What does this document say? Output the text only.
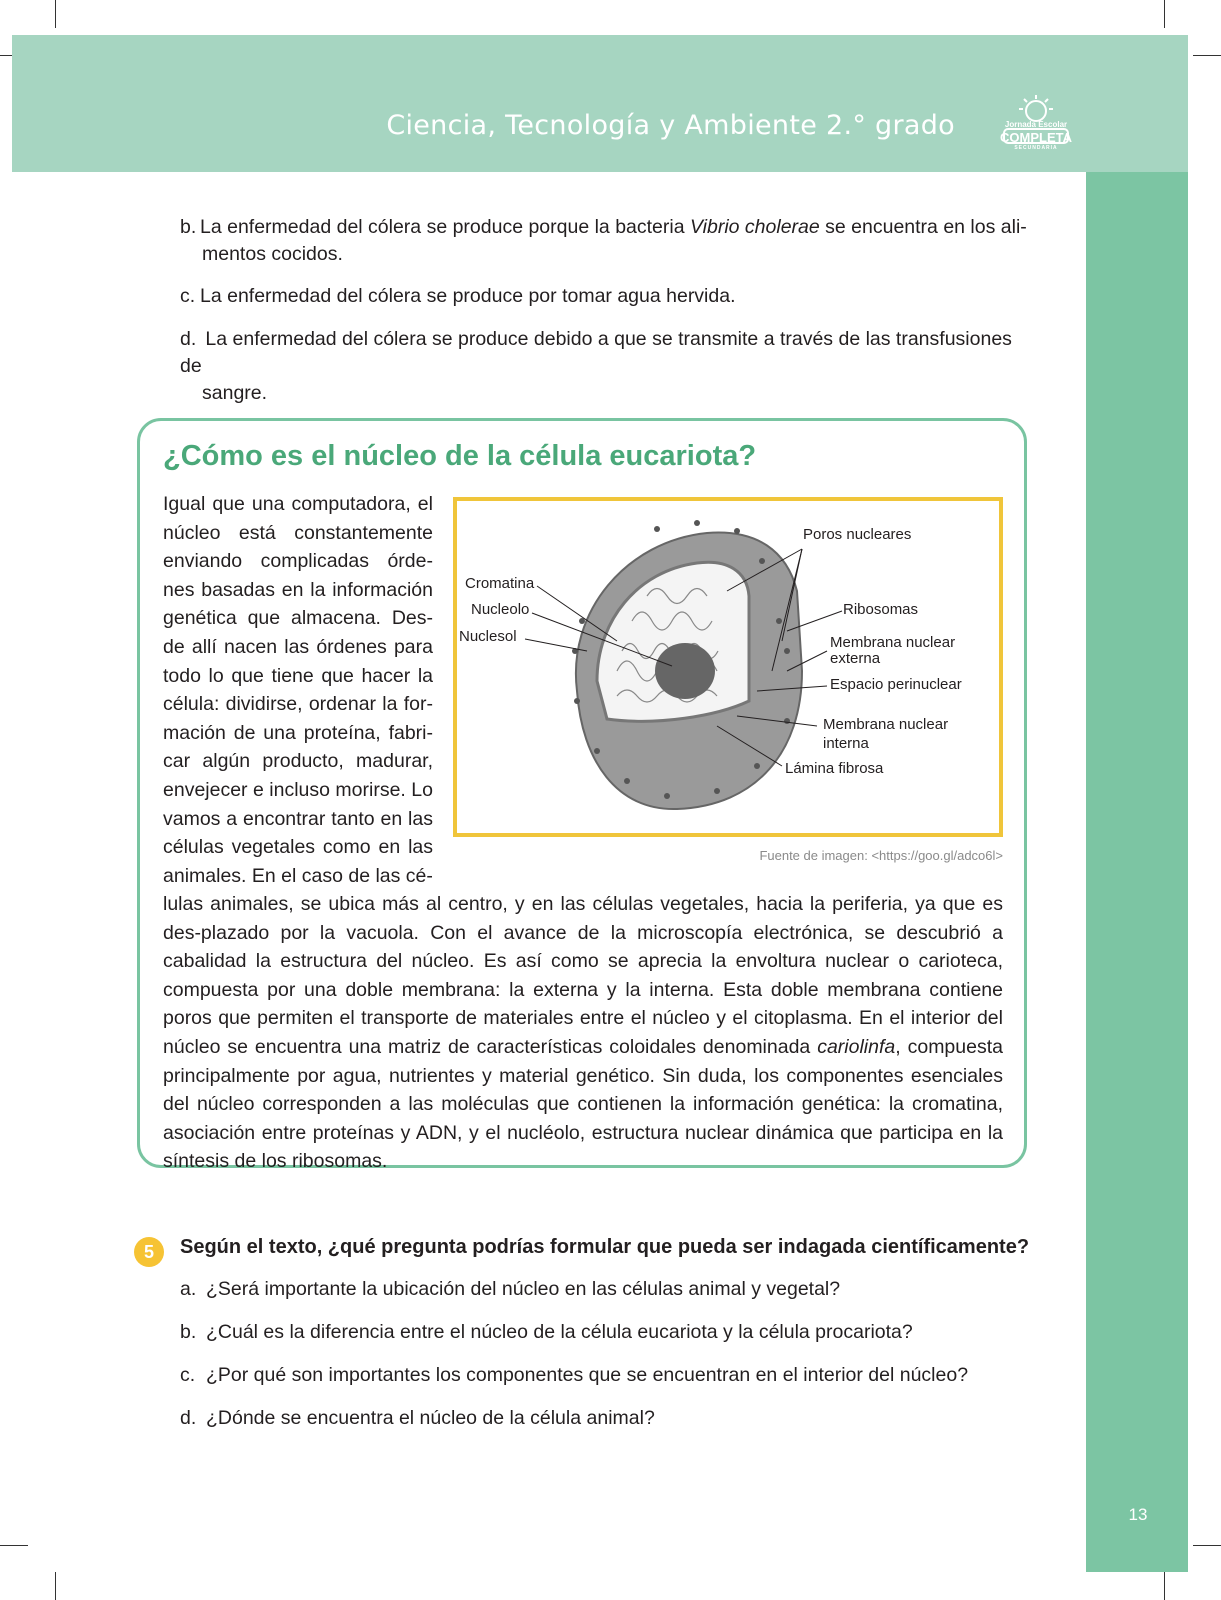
Ciencia, Tecnología y Ambiente 2.° grado	Jornada Escolar
COMPLETA
SECUNDARIA
13

b. La enfermedad del cólera se produce porque la bacteria Vibrio cholerae se encuentra en los ali-
mentos cocidos.

c. La enfermedad del cólera se produce por tomar agua hervida.

d. La enfermedad del cólera se produce debido a que se transmite a través de las transfusiones de
sangre.

¿Cómo es el núcleo de la célula eucariota?

Igual que una computadora, el núcleo está constantemente enviando complicadas órde-nes basadas en la información genética que almacena. Des-de allí nacen las órdenes para todo lo que tiene que hacer la célula: dividirse, ordenar la for-mación de una proteína, fabri-car algún producto, madurar, envejecer e incluso morirse. Lo vamos a encontrar tanto en las células vegetales como en las animales. En el caso de las cé-

Cromatina
Nucleolo
Nuclesol
Poros nucleares
Ribosomas
Membrana nuclear
externa
Espacio perinuclear
Membrana nuclear
interna
Lámina fibrosa
Fuente de imagen: <https://goo.gl/adco6l>

lulas animales, se ubica más al centro, y en las células vegetales, hacia la periferia, ya que es des-plazado por la vacuola. Con el avance de la microscopía electrónica, se descubrió a cabalidad la estructura del núcleo. Es así como se aprecia la envoltura nuclear o carioteca, compuesta por una doble membrana: la externa y la interna. Esta doble membrana contiene poros que permiten el transporte de materiales entre el núcleo y el citoplasma. En el interior del núcleo se encuentra una matriz de características coloidales denominada cariolinfa, compuesta principalmente por agua, nutrientes y material genético. Sin duda, los componentes esenciales del núcleo corresponden a las moléculas que contienen la información genética: la cromatina, asociación entre proteínas y ADN, y el nucléolo, estructura nuclear dinámica que participa en la síntesis de los ribosomas.

5	Según el texto, ¿qué pregunta podrías formular que pueda ser indagada científicamente?
a. ¿Será importante la ubicación del núcleo en las células animal y vegetal?
b. ¿Cuál es la diferencia entre el núcleo de la célula eucariota y la célula procariota?
c. ¿Por qué son importantes los componentes que se encuentran en el interior del núcleo?
d. ¿Dónde se encuentra el núcleo de la célula animal?
